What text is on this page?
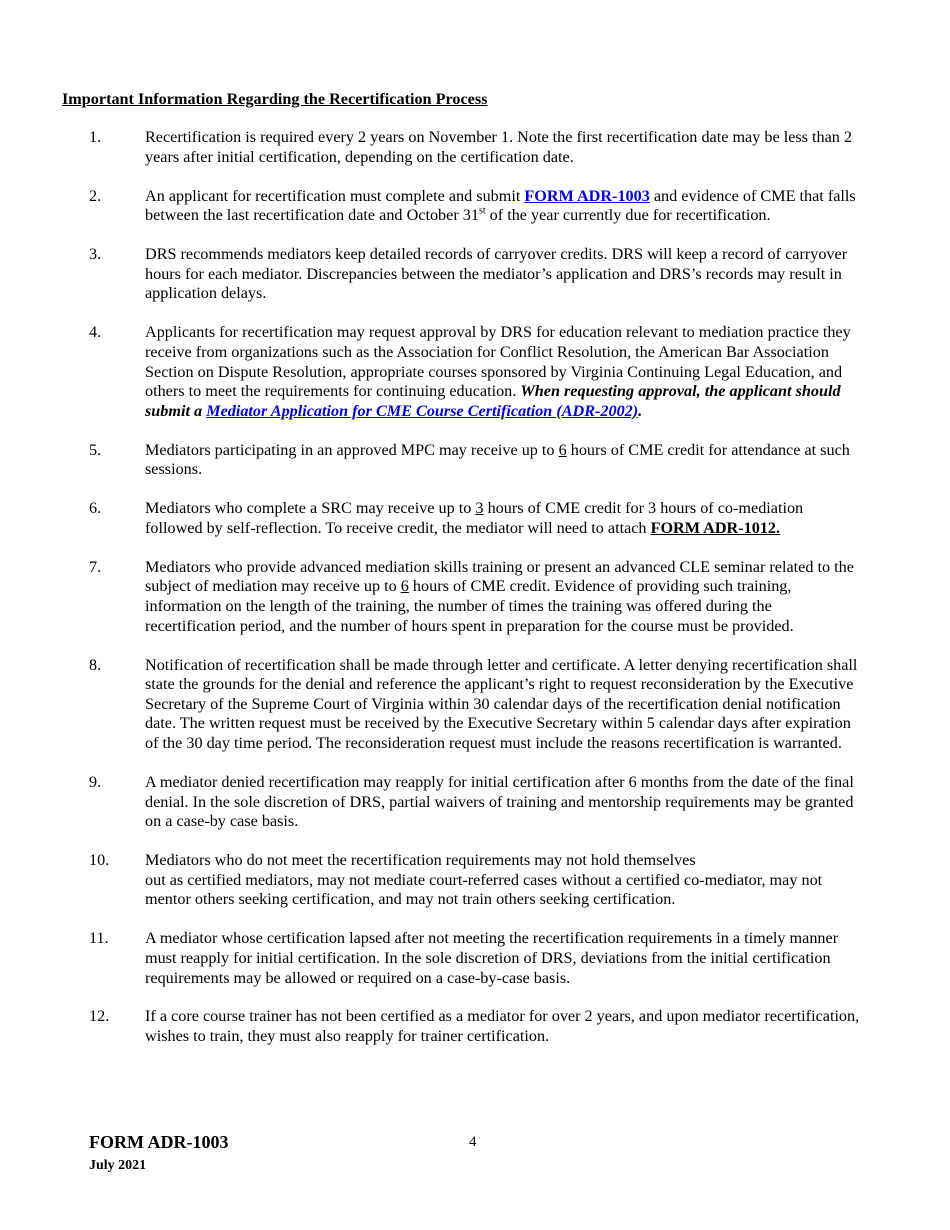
Important Information Regarding the Recertification Process
1.	Recertification is required every 2 years on November 1. Note the first recertification date may be less than 2 years after initial certification, depending on the certification date.
2.	An applicant for recertification must complete and submit FORM ADR-1003 and evidence of CME that falls between the last recertification date and October 31st of the year currently due for recertification.
3.	DRS recommends mediators keep detailed records of carryover credits. DRS will keep a record of carryover hours for each mediator. Discrepancies between the mediator’s application and DRS’s records may result in application delays.
4.	Applicants for recertification may request approval by DRS for education relevant to mediation practice they receive from organizations such as the Association for Conflict Resolution, the American Bar Association Section on Dispute Resolution, appropriate courses sponsored by Virginia Continuing Legal Education, and others to meet the requirements for continuing education. When requesting approval, the applicant should submit a Mediator Application for CME Course Certification (ADR-2002).
5.	Mediators participating in an approved MPC may receive up to 6 hours of CME credit for attendance at such sessions.
6.	Mediators who complete a SRC may receive up to 3 hours of CME credit for 3 hours of co-mediation followed by self-reflection. To receive credit, the mediator will need to attach FORM ADR-1012.
7.	Mediators who provide advanced mediation skills training or present an advanced CLE seminar related to the subject of mediation may receive up to 6 hours of CME credit. Evidence of providing such training, information on the length of the training, the number of times the training was offered during the recertification period, and the number of hours spent in preparation for the course must be provided.
8.	Notification of recertification shall be made through letter and certificate. A letter denying recertification shall state the grounds for the denial and reference the applicant’s right to request reconsideration by the Executive Secretary of the Supreme Court of Virginia within 30 calendar days of the recertification denial notification date. The written request must be received by the Executive Secretary within 5 calendar days after expiration of the 30 day time period. The reconsideration request must include the reasons recertification is warranted.
9.	A mediator denied recertification may reapply for initial certification after 6 months from the date of the final denial. In the sole discretion of DRS, partial waivers of training and mentorship requirements may be granted on a case-by case basis.
10. Mediators who do not meet the recertification requirements may not hold themselves
out as certified mediators, may not mediate court-referred cases without a certified co-mediator, may not mentor others seeking certification, and may not train others seeking certification.
11. A mediator whose certification lapsed after not meeting the recertification requirements in a timely manner must reapply for initial certification. In the sole discretion of DRS, deviations from the initial certification requirements may be allowed or required on a case-by-case basis.
12. If a core course trainer has not been certified as a mediator for over 2 years, and upon mediator recertification, wishes to train, they must also reapply for trainer certification.
FORM ADR-1003
July 2021
4
